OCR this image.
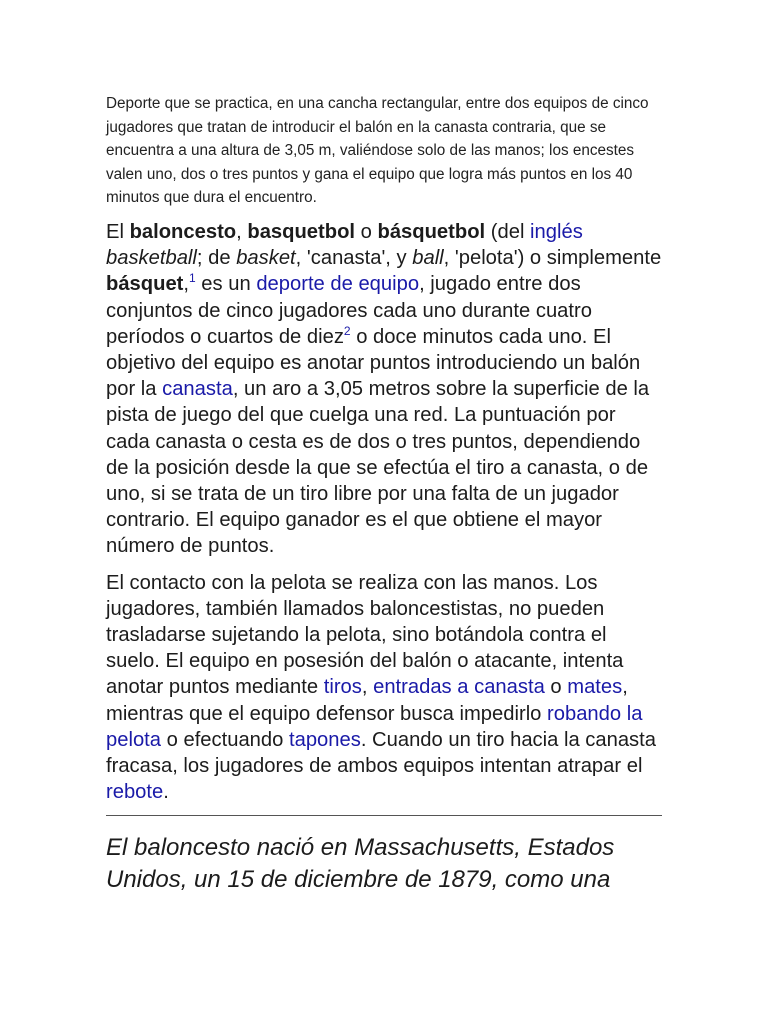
Deporte que se practica, en una cancha rectangular, entre dos equipos de cinco jugadores que tratan de introducir el balón en la canasta contraria, que se encuentra a una altura de 3,05 m, valiéndose solo de las manos; los encestes valen uno, dos o tres puntos y gana el equipo que logra más puntos en los 40 minutos que dura el encuentro.

El baloncesto, basquetbol o básquetbol (del inglés basketball; de basket, 'canasta', y ball, 'pelota') o simplemente básquet,$^1$ es un deporte de equipo, jugado entre dos conjuntos de cinco jugadores cada uno durante cuatro períodos o cuartos de diez$^2$ o doce minutos cada uno. El objetivo del equipo es anotar puntos introduciendo un balón por la canasta, un aro a 3,05 metros sobre la superficie de la pista de juego del que cuelga una red. La puntuación por cada canasta o cesta es de dos o tres puntos, dependiendo de la posición desde la que se efectúa el tiro a canasta, o de uno, si se trata de un tiro libre por una falta de un jugador contrario. El equipo ganador es el que obtiene el mayor número de puntos.

El contacto con la pelota se realiza con las manos. Los jugadores, también llamados baloncestistas, no pueden trasladarse sujetando la pelota, sino botándola contra el suelo. El equipo en posesión del balón o atacante, intenta anotar puntos mediante tiros, entradas a canasta o mates, mientras que el equipo defensor busca impedirlo robando la pelota o efectuando tapones. Cuando un tiro hacia la canasta fracasa, los jugadores de ambos equipos intentan atrapar el rebote.

El baloncesto nació en Massachusetts, Estados Unidos, un 15 de diciembre de 1879, como una
